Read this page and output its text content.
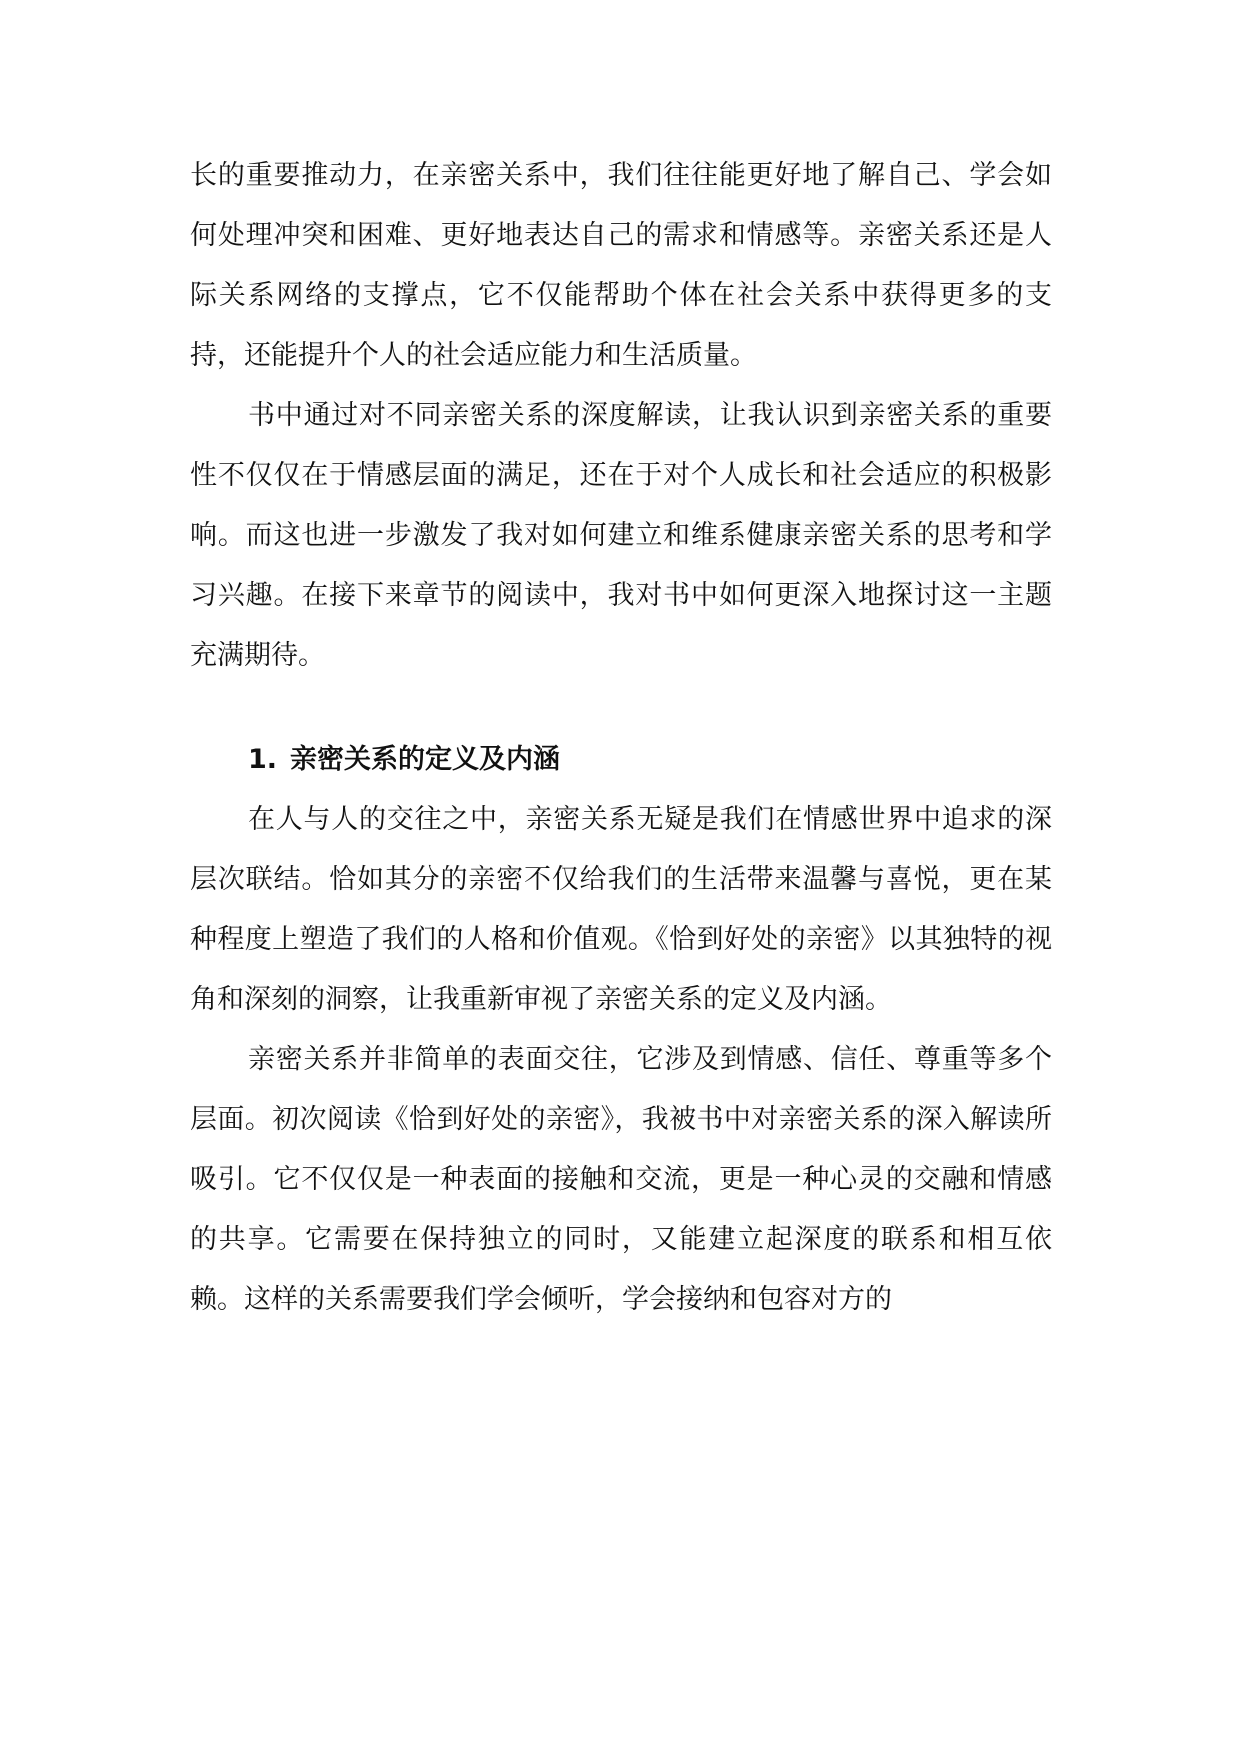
长的重要推动力，在亲密关系中，我们往往能更好地了解自己、学会如何处理冲突和困难、更好地表达自己的需求和情感等。亲密关系还是人际关系网络的支撑点，它不仅能帮助个体在社会关系中获得更多的支持，还能提升个人的社会适应能力和生活质量。

书中通过对不同亲密关系的深度解读，让我认识到亲密关系的重要性不仅仅在于情感层面的满足，还在于对个人成长和社会适应的积极影响。而这也进一步激发了我对如何建立和维系健康亲密关系的思考和学习兴趣。在接下来章节的阅读中，我对书中如何更深入地探讨这一主题充满期待。

1. 亲密关系的定义及内涵

在人与人的交往之中，亲密关系无疑是我们在情感世界中追求的深层次联结。恰如其分的亲密不仅给我们的生活带来温馨与喜悦，更在某种程度上塑造了我们的人格和价值观。《恰到好处的亲密》以其独特的视角和深刻的洞察，让我重新审视了亲密关系的定义及内涵。

亲密关系并非简单的表面交往，它涉及到情感、信任、尊重等多个层面。初次阅读《恰到好处的亲密》，我被书中对亲密关系的深入解读所吸引。它不仅仅是一种表面的接触和交流，更是一种心灵的交融和情感的共享。它需要在保持独立的同时，又能建立起深度的联系和相互依赖。这样的关系需要我们学会倾听，学会接纳和包容对方的
